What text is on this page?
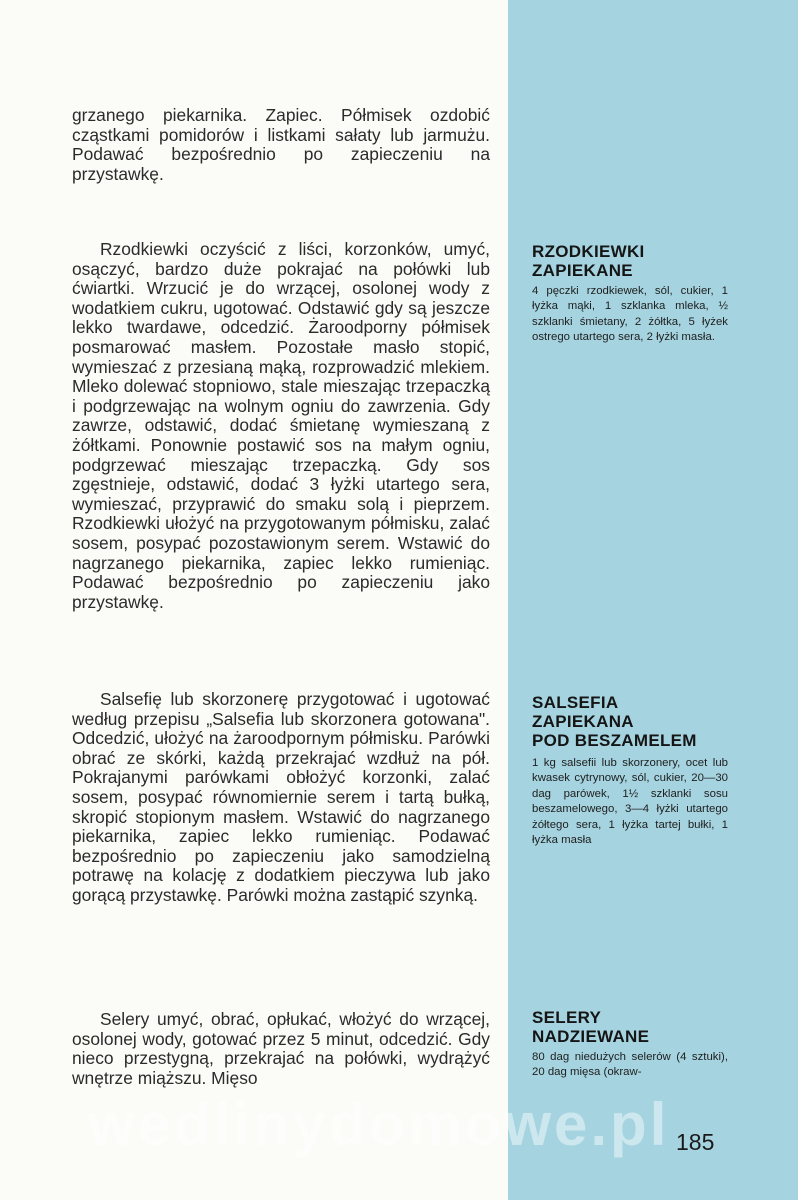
grzanego piekarnika. Zapiec. Półmisek ozdobić cząstkami pomidorów i listkami sałaty lub jarmużu. Podawać bezpośrednio po zapieczeniu na przystawkę.

Rzodkiewki oczyścić z liści, korzonków, umyć, osączyć, bardzo duże pokrajać na połówki lub ćwiartki. Wrzucić je do wrzącej, osolonej wody z wodatkiem cukru, ugotować. Odstawić gdy są jeszcze lekko twardawe, odcedzić. Żaroodporny półmisek posmarować masłem. Pozostałe masło stopić, wymieszać z przesianą mąką, rozprowadzić mlekiem. Mleko dolewać stopniowo, stale mieszając trzepaczką i podgrzewając na wolnym ogniu do zawrzenia. Gdy zawrze, odstawić, dodać śmietanę wymieszaną z żółtkami. Ponownie postawić sos na małym ogniu, podgrzewać mieszając trzepaczką. Gdy sos zgęstnieje, odstawić, dodać 3 łyżki utartego sera, wymieszać, przyprawić do smaku solą i pieprzem. Rzodkiewki ułożyć na przygotowanym półmisku, zalać sosem, posypać pozostawionym serem. Wstawić do nagrzanego piekarnika, zapiec lekko rumieniąc. Podawać bezpośrednio po zapieczeniu jako przystawkę.

Salsefię lub skorzonerę przygotować i ugotować według przepisu „Salsefia lub skorzonera gotowana". Odcedzić, ułożyć na żaroodpornym półmisku. Parówki obrać ze skórki, każdą przekrajać wzdłuż na pół. Pokrajanymi parówkami obłożyć korzonki, zalać sosem, posypać równomiernie serem i tartą bułką, skropić stopionym masłem. Wstawić do nagrzanego piekarnika, zapiec lekko rumieniąc. Podawać bezpośrednio po zapieczeniu jako samodzielną potrawę na kolację z dodatkiem pieczywa lub jako gorącą przystawkę. Parówki można zastąpić szynką.

Selery umyć, obrać, opłukać, włożyć do wrzącej, osolonej wody, gotować przez 5 minut, odcedzić. Gdy nieco przestygną, przekrajać na połówki, wydrążyć wnętrze miąższu. Mięso

RZODKIEWKI
ZAPIEKANE

4 pęczki rzodkiewek, sól, cukier, 1 łyżka mąki, 1 szklanka mleka, ½ szklanki śmietany, 2 żółtka, 5 łyżek ostrego utartego sera, 2 łyżki masła.

SALSEFIA
ZAPIEKANA
POD BESZAMELEM

1 kg salsefii lub skorzonery, ocet lub kwasek cytrynowy, sól, cukier, 20—30 dag parówek, 1½ szklanki sosu beszamelowego, 3—4 łyżki utartego żółtego sera, 1 łyżka tartej bułki, 1 łyżka masła

SELERY
NADZIEWANE

80 dag niedużych selerów (4 sztuki), 20 dag mięsa (okraw-

wedlinydomowe.pl 185
